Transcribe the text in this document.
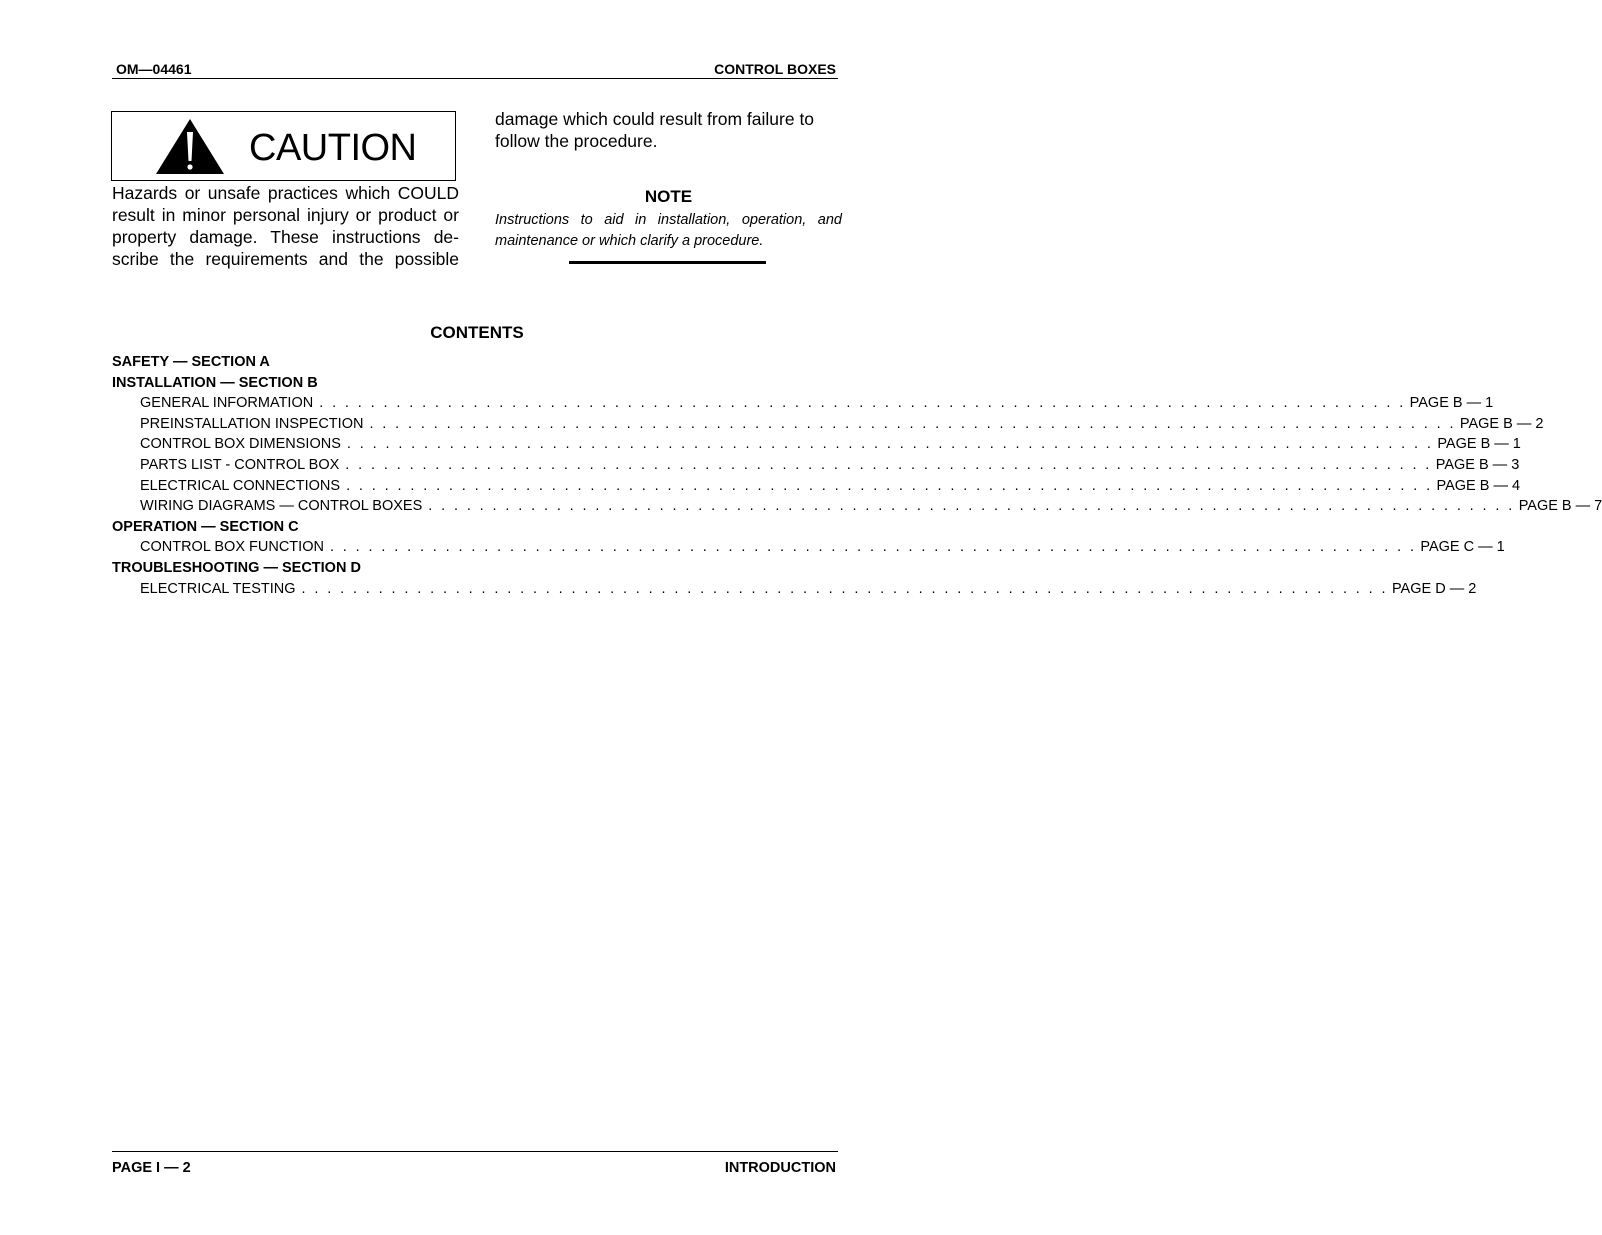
OM—04461	CONTROL BOXES
CAUTION
Hazards or unsafe practices which COULD
result in minor personal injury or product or
property damage. These instructions de-
scribe the requirements and the possible
damage which could result from failure to
follow the procedure.
NOTE
Instructions to aid in installation, operation, and
maintenance or which clarify a procedure.
CONTENTS
SAFETY — SECTION A
INSTALLATION — SECTION B
GENERAL INFORMATION . . . . . . . . . . . . . . . . . . . . . . . . . . . . . . . . . . . . . . . . . . . . . . . . . . . . . . . . . . . . . . . . . . . . . . . . . . . . . . . . . . . . . PAGE B — 1
PREINSTALLATION INSPECTION . . . . . . . . . . . . . . . . . . . . . . . . . . . . . . . . . . . . . . . . . . . . . . . . . . . . . . . . . . . . . . . . . . . . . . . . . . . . . . . . . . . . . PAGE B — 2
CONTROL BOX DIMENSIONS . . . . . . . . . . . . . . . . . . . . . . . . . . . . . . . . . . . . . . . . . . . . . . . . . . . . . . . . . . . . . . . . . . . . . . . . . . . . . . . . . . . . . PAGE B — 1
PARTS LIST - CONTROL BOX . . . . . . . . . . . . . . . . . . . . . . . . . . . . . . . . . . . . . . . . . . . . . . . . . . . . . . . . . . . . . . . . . . . . . . . . . . . . . . . . . . . . . PAGE B — 3
ELECTRICAL CONNECTIONS . . . . . . . . . . . . . . . . . . . . . . . . . . . . . . . . . . . . . . . . . . . . . . . . . . . . . . . . . . . . . . . . . . . . . . . . . . . . . . . . . . . . . PAGE B — 4
WIRING DIAGRAMS — CONTROL BOXES . . . . . . . . . . . . . . . . . . . . . . . . . . . . . . . . . . . . . . . . . . . . . . . . . . . . . . . . . . . . . . . . . . . . . . . . . . . . . . . . . . . . . PAGE B — 7
OPERATION — SECTION C
CONTROL BOX FUNCTION . . . . . . . . . . . . . . . . . . . . . . . . . . . . . . . . . . . . . . . . . . . . . . . . . . . . . . . . . . . . . . . . . . . . . . . . . . . . . . . . . . . . . PAGE C — 1
TROUBLESHOOTING — SECTION D
ELECTRICAL TESTING . . . . . . . . . . . . . . . . . . . . . . . . . . . . . . . . . . . . . . . . . . . . . . . . . . . . . . . . . . . . . . . . . . . . . . . . . . . . . . . . . . . . . PAGE D — 2
PAGE I — 2	INTRODUCTION
